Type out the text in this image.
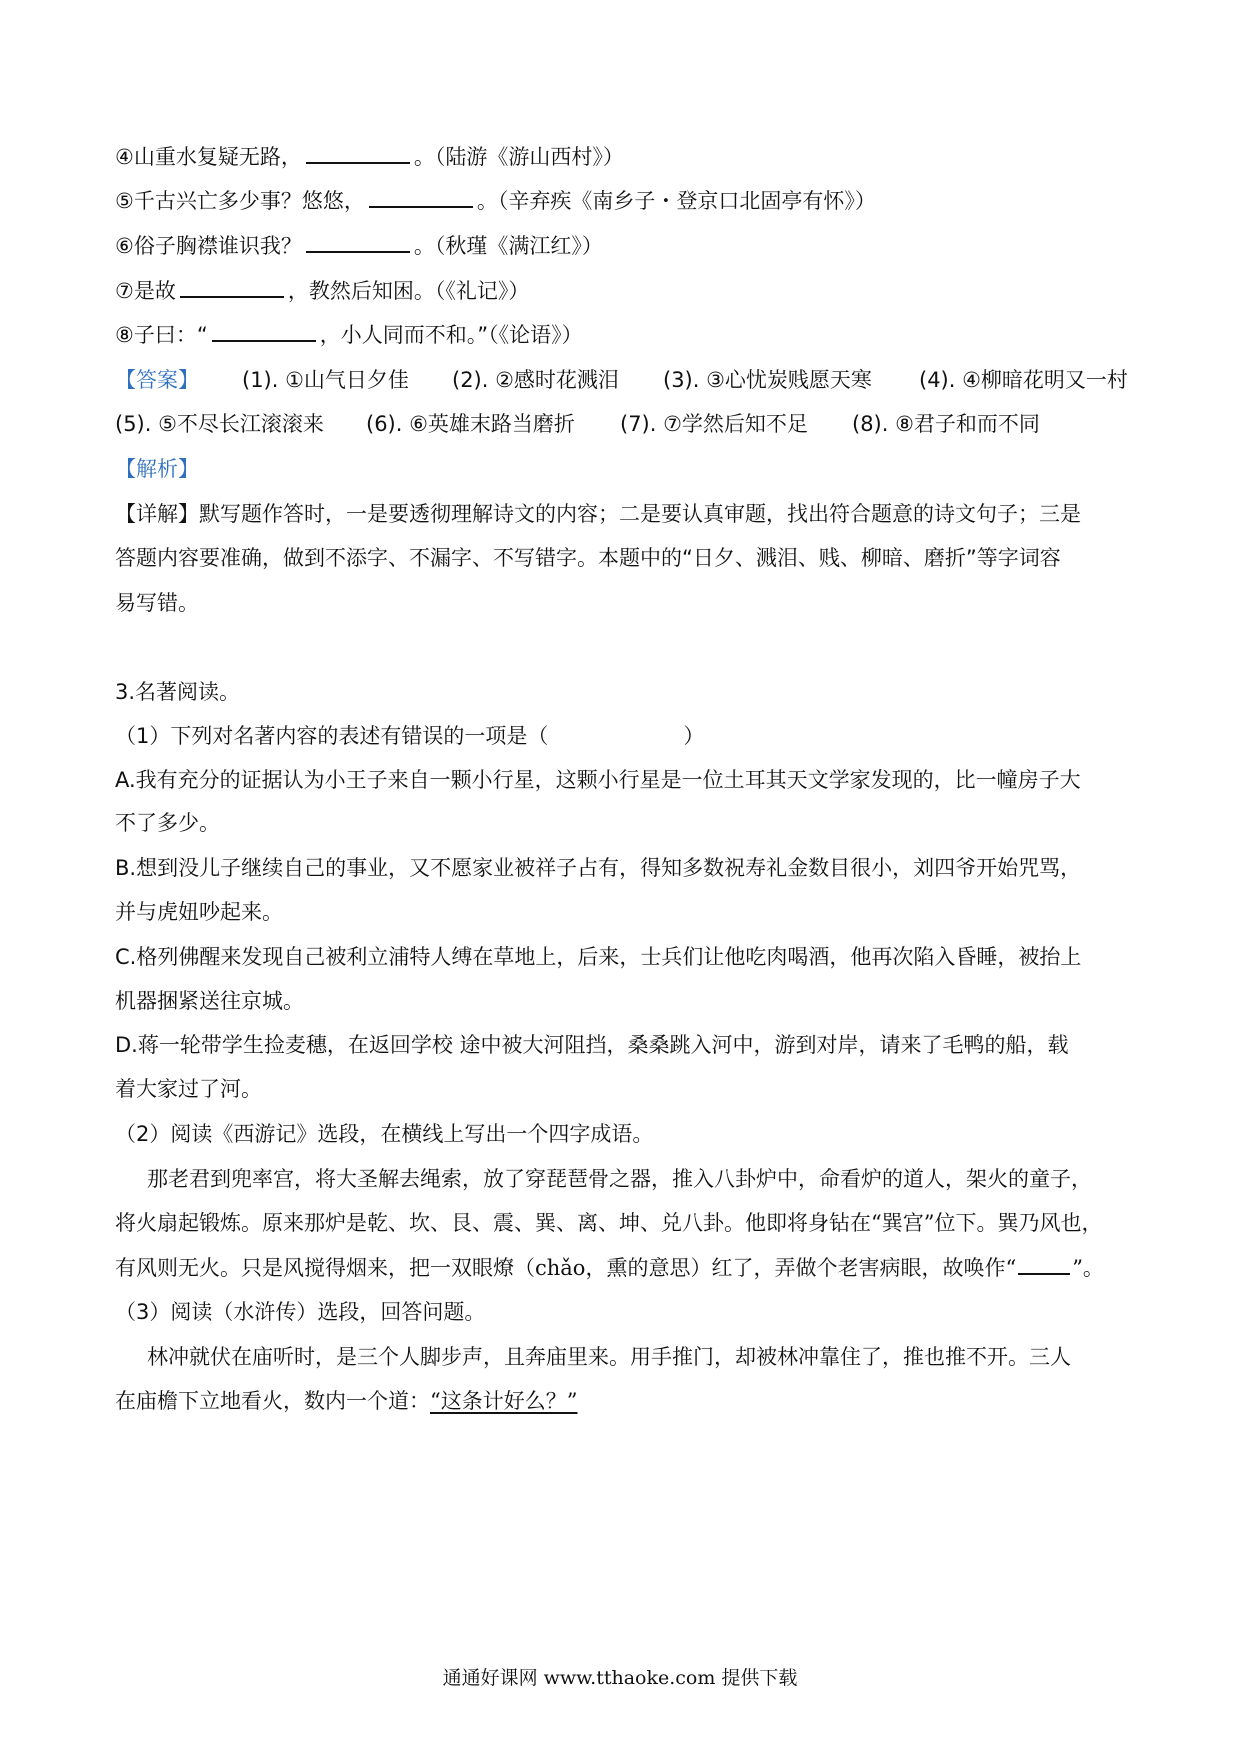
④山重水复疑无路，	。（陆游《游山西村》）
⑤千古兴亡多少事？悠悠，	。（辛弃疾《南乡子・登京口北固亭有怀》）
⑥俗子胸襟谁识我？	。（秋瑾《满江红》）
⑦是故	，教然后知困。（《礼记》）
⑧子曰：“	，小人同而不和。”（《论语》）
【答案】 (1). ①山气日夕佳 (2). ②感时花溅泪 (3). ③心忧炭贱愿天寒 (4). ④柳暗花明又一村
(5). ⑤不尽长江滚滚来 (6). ⑥英雄末路当磨折 (7). ⑦学然后知不足 (8). ⑧君子和而不同
【解析】
【详解】默写题作答时，一是要透彻理解诗文的内容；二是要认真审题，找出符合题意的诗文句子；三是
答题内容要准确，做到不添字、不漏字、不写错字。本题中的“日夕、溅泪、贱、柳暗、磨折”等字词容
易写错。
3.名著阅读。
（1）下列对名著内容的表述有错误的一项是（	）
A.我有充分的证据认为小王子来自一颗小行星，这颗小行星是一位土耳其天文学家发现的，比一幢房子大
不了多少。
B.想到没儿子继续自己的事业，又不愿家业被祥子占有，得知多数祝寿礼金数目很小，刘四爷开始咒骂，
并与虎妞吵起来。
C.格列佛醒来发现自己被利立浦特人缚在草地上，后来，士兵们让他吃肉喝酒，他再次陷入昏睡，被抬上
机器捆紧送往京城。
D.蒋一轮带学生捡麦穗，在返回学校 途中被大河阻挡，桑桑跳入河中，游到对岸，请来了毛鸭的船，载
着大家过了河。
（2）阅读《西游记》选段，在横线上写出一个四字成语。
那老君到兜率宫，将大圣解去绳索，放了穿琵琶骨之器，推入八卦炉中，命看炉的道人，架火的童子，
将火扇起锻炼。原来那炉是乾、坎、艮、震、巽、离、坤、兑八卦。他即将身钻在“巽宫”位下。巽乃风也，
有风则无火。只是风搅得烟来，把一双眼燎（chǎo，熏的意思）红了，弄做个老害病眼，故唤作“	”。
（3）阅读（水浒传）选段，回答问题。
林冲就伏在庙听时，是三个人脚步声，且奔庙里来。用手推门，却被林冲靠住了，推也推不开。三人
在庙檐下立地看火，数内一个道：“这条计好么？”
通通好课网 www.tthaoke.com 提供下载
